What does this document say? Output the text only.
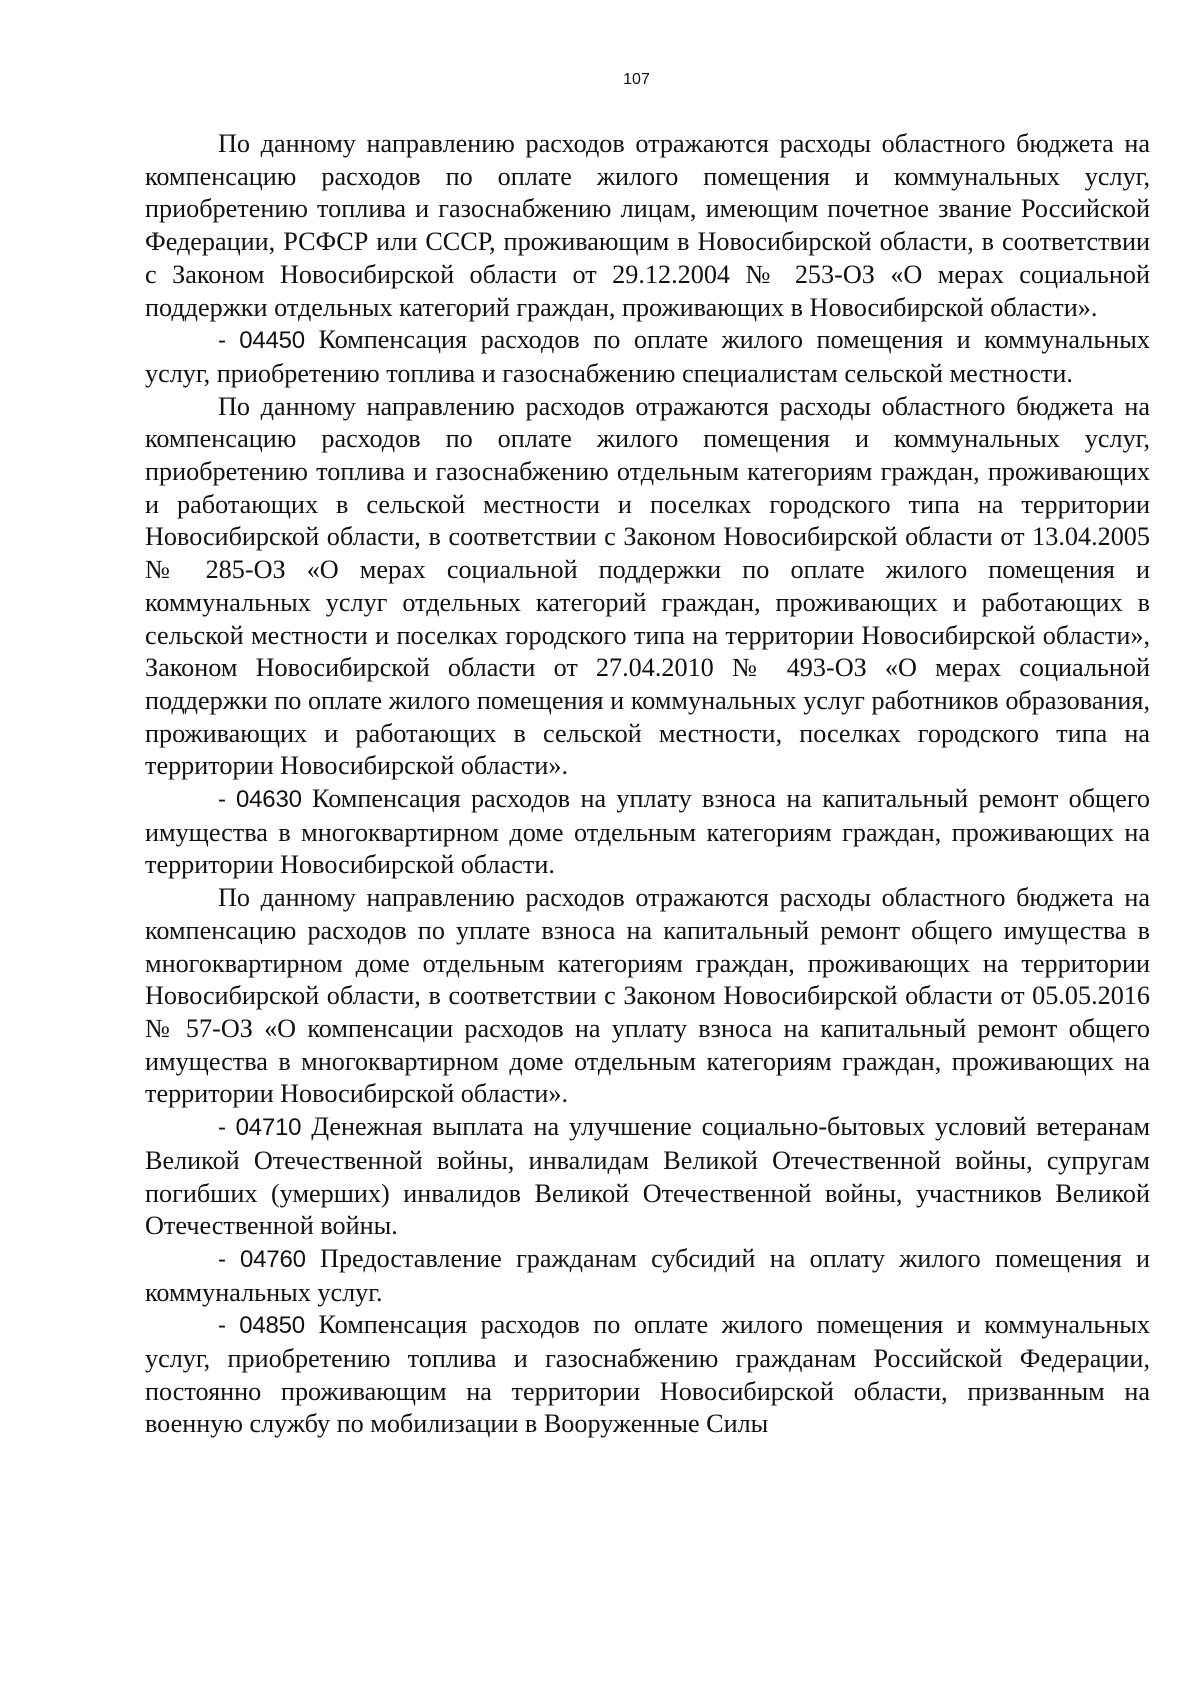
107

По данному направлению расходов отражаются расходы областного бюджета на компенсацию расходов по оплате жилого помещения и коммунальных услуг, приобретению топлива и газоснабжению лицам, имеющим почетное звание Российской Федерации, РСФСР или СССР, проживающим в Новосибирской области, в соответствии с Законом Новосибирской области от 29.12.2004 № 253-ОЗ «О мерах социальной поддержки отдельных категорий граждан, проживающих в Новосибирской области».

- 04450 Компенсация расходов по оплате жилого помещения и коммунальных услуг, приобретению топлива и газоснабжению специалистам сельской местности.

По данному направлению расходов отражаются расходы областного бюджета на компенсацию расходов по оплате жилого помещения и коммунальных услуг, приобретению топлива и газоснабжению отдельным категориям граждан, проживающих и работающих в сельской местности и поселках городского типа на территории Новосибирской области, в соответствии с Законом Новосибирской области от 13.04.2005 № 285-ОЗ «О мерах социальной поддержки по оплате жилого помещения и коммунальных услуг отдельных категорий граждан, проживающих и работающих в сельской местности и поселках городского типа на территории Новосибирской области», Законом Новосибирской области от 27.04.2010 № 493-ОЗ «О мерах социальной поддержки по оплате жилого помещения и коммунальных услуг работников образования, проживающих и работающих в сельской местности, поселках городского типа на территории Новосибирской области».

- 04630 Компенсация расходов на уплату взноса на капитальный ремонт общего имущества в многоквартирном доме отдельным категориям граждан, проживающих на территории Новосибирской области.

По данному направлению расходов отражаются расходы областного бюджета на компенсацию расходов по уплате взноса на капитальный ремонт общего имущества в многоквартирном доме отдельным категориям граждан, проживающих на территории Новосибирской области, в соответствии с Законом Новосибирской области от 05.05.2016 № 57-ОЗ «О компенсации расходов на уплату взноса на капитальный ремонт общего имущества в многоквартирном доме отдельным категориям граждан, проживающих на территории Новосибирской области».

- 04710 Денежная выплата на улучшение социально-бытовых условий ветеранам Великой Отечественной войны, инвалидам Великой Отечественной войны, супругам погибших (умерших) инвалидов Великой Отечественной войны, участников Великой Отечественной войны.

- 04760 Предоставление гражданам субсидий на оплату жилого помещения и коммунальных услуг.

- 04850 Компенсация расходов по оплате жилого помещения и коммунальных услуг, приобретению топлива и газоснабжению гражданам Российской Федерации, постоянно проживающим на территории Новосибирской области, призванным на военную службу по мобилизации в Вооруженные Силы
